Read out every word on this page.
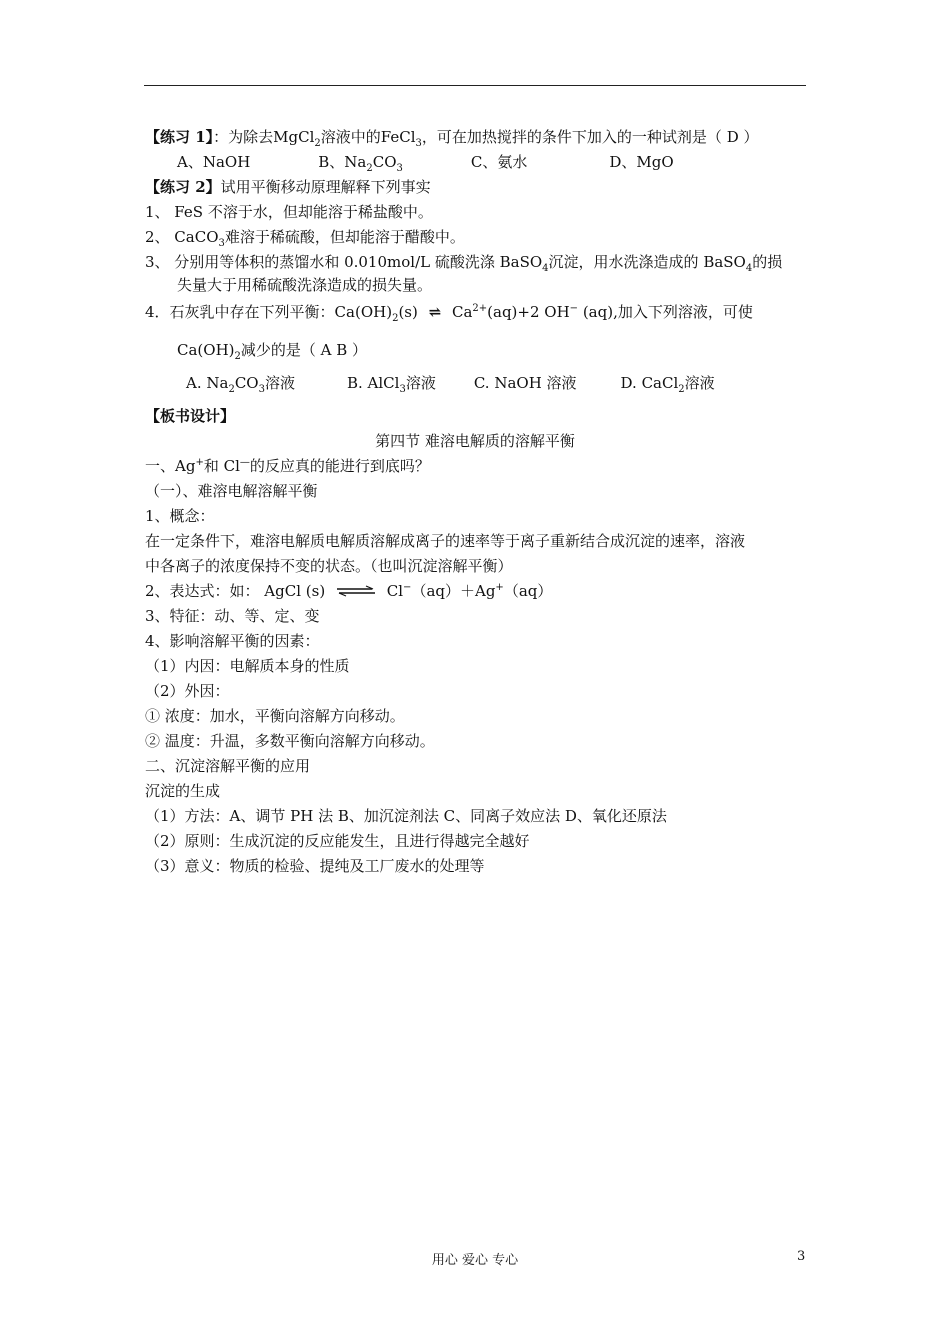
【练习 1】：为除去MgCl$_2$溶液中的FeCl$_3$，可在加热搅拌的条件下加入的一种试剂是（ D ）
A、NaOH	B、$Na_2CO_3$	C、氨水	D、MgO
【练习 2】试用平衡移动原理解释下列事实
1、 FeS 不溶于水，但却能溶于稀盐酸中。
2、 CaCO$_3$难溶于稀硫酸，但却能溶于醋酸中。
3、 分别用等体积的蒸馏水和 0.010mol/L 硫酸洗涤 BaSO$_4$沉淀，用水洗涤造成的 BaSO$_4$的损
失量大于用稀硫酸洗涤造成的损失量。
4．石灰乳中存在下列平衡：$Ca(OH)_2(s)$ ⇌ $Ca^{2+}(aq)+2$ OH− (aq),加入下列溶液，可使
$Ca(OH)_2$减少的是（ A B ）
A. $Na_2CO_3$溶液	B. AlCl$_3$溶液	C. NaOH 溶液	D. CaCl$_2$溶液
【板书设计】
第四节 难溶电解质的溶解平衡
一、Ag+和 Cl—的反应真的能进行到底吗？
（一）、难溶电解溶解平衡
1、概念：
在一定条件下，难溶电解质电解质溶解成离子的速率等于离子重新结合成沉淀的速率，溶液
中各离子的浓度保持不变的状态。（也叫沉淀溶解平衡）
2、表达式：如： AgCl (s) ⇌ Cl−（aq）＋Ag+（aq）
3、特征：动、等、定、变
4、影响溶解平衡的因素：
（1）内因：电解质本身的性质
（2）外因：
① 浓度：加水，平衡向溶解方向移动。
② 温度：升温，多数平衡向溶解方向移动。
二、沉淀溶解平衡的应用
沉淀的生成
（1）方法：A、调节 PH 法 B、加沉淀剂法 C、同离子效应法 D、氧化还原法
（2）原则：生成沉淀的反应能发生，且进行得越完全越好
（3）意义：物质的检验、提纯及工厂废水的处理等
用心 爱心 专心	3
